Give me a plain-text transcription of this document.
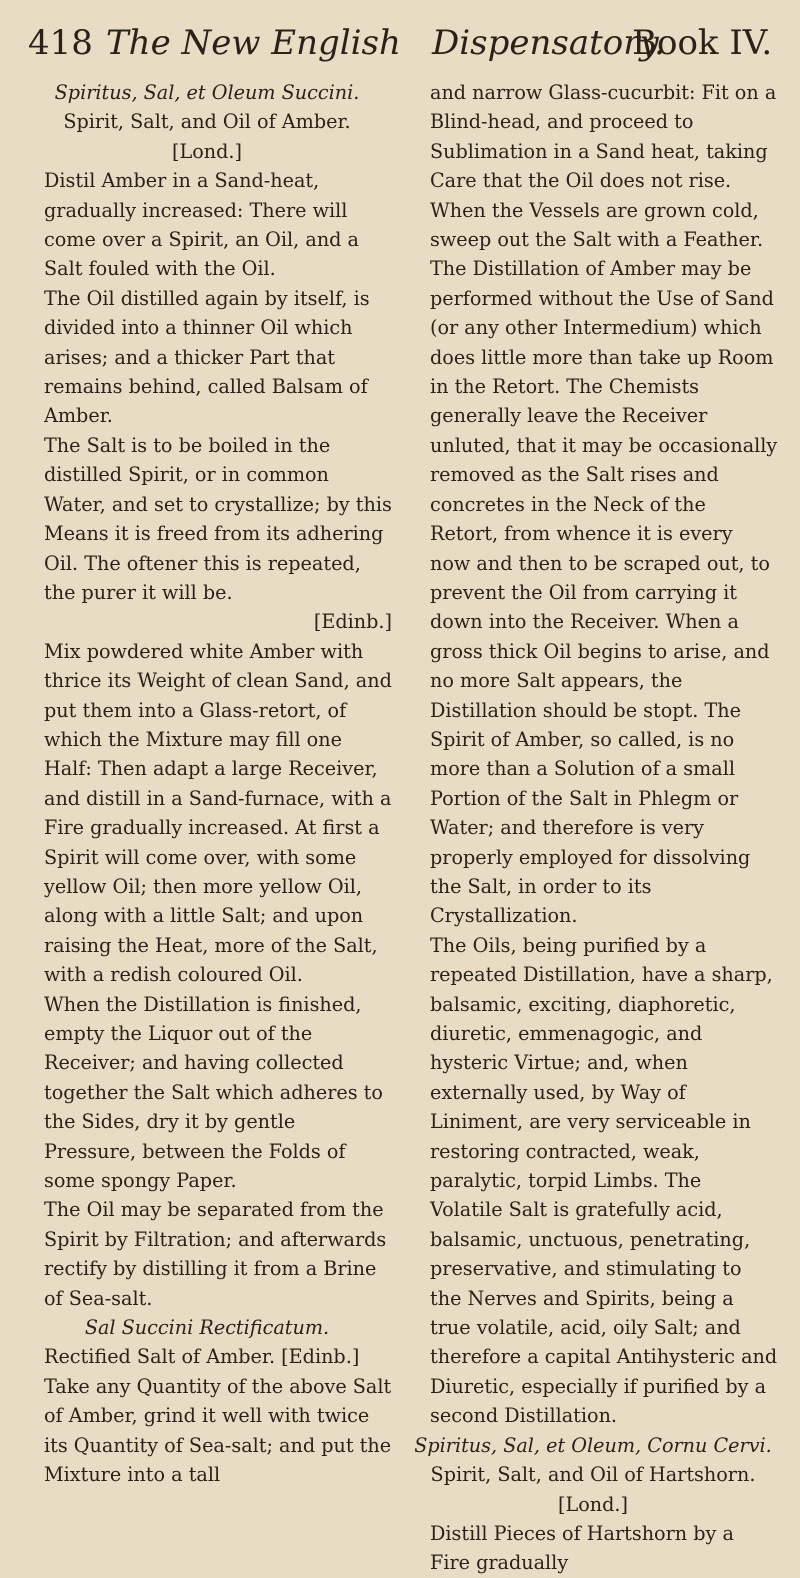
418 The New English Dispensatory.
Book IV.

Spiritus, Sal, et Oleum Succini.

Spirit, Salt, and Oil of Amber.

[Lond.]

Distil Amber in a Sand-heat, gradually increased: There will come over a Spirit, an Oil, and a Salt fouled with the Oil.

The Oil distilled again by itself, is divided into a thinner Oil which arises; and a thicker Part that remains behind, called Balsam of Amber.

The Salt is to be boiled in the distilled Spirit, or in common Water, and set to crystallize; by this Means it is freed from its adhering Oil. The oftener this is repeated, the purer it will be.

[Edinb.]

Mix powdered white Amber with thrice its Weight of clean Sand, and put them into a Glass-retort, of which the Mixture may fill one Half: Then adapt a large Receiver, and distill in a Sand-furnace, with a Fire gradually increased. At first a Spirit will come over, with some yellow Oil; then more yellow Oil, along with a little Salt; and upon raising the Heat, more of the Salt, with a redish coloured Oil.

When the Distillation is finished, empty the Liquor out of the Receiver; and having collected together the Salt which adheres to the Sides, dry it by gentle Pressure, between the Folds of some spongy Paper.

The Oil may be separated from the Spirit by Filtration; and afterwards rectify by distilling it from a Brine of Sea-salt.

Sal Succini Rectificatum.

Rectified Salt of Amber. [Edinb.]

Take any Quantity of the above Salt of Amber, grind it well with twice its Quantity of Sea-salt; and put the Mixture into a tall

and narrow Glass-cucurbit: Fit on a Blind-head, and proceed to Sublimation in a Sand heat, taking Care that the Oil does not rise. When the Vessels are grown cold, sweep out the Salt with a Feather.

The Distillation of Amber may be performed without the Use of Sand (or any other Intermedium) which does little more than take up Room in the Retort. The Chemists generally leave the Receiver unluted, that it may be occasionally removed as the Salt rises and concretes in the Neck of the Retort, from whence it is every now and then to be scraped out, to prevent the Oil from carrying it down into the Receiver. When a gross thick Oil begins to arise, and no more Salt appears, the Distillation should be stopt. The Spirit of Amber, so called, is no more than a Solution of a small Portion of the Salt in Phlegm or Water; and therefore is very properly employed for dissolving the Salt, in order to its Crystallization.

The Oils, being purified by a repeated Distillation, have a sharp, balsamic, exciting, diaphoretic, diuretic, emmenagogic, and hysteric Virtue; and, when externally used, by Way of Liniment, are very serviceable in restoring contracted, weak, paralytic, torpid Limbs. The Volatile Salt is gratefully acid, balsamic, unctuous, penetrating, preservative, and stimulating to the Nerves and Spirits, being a true volatile, acid, oily Salt; and therefore a capital Antihysteric and Diuretic, especially if purified by a second Distillation.

Spiritus, Sal, et Oleum, Cornu Cervi.

Spirit, Salt, and Oil of Hartshorn.

[Lond.]

Distill Pieces of Hartshorn by a Fire gradually
